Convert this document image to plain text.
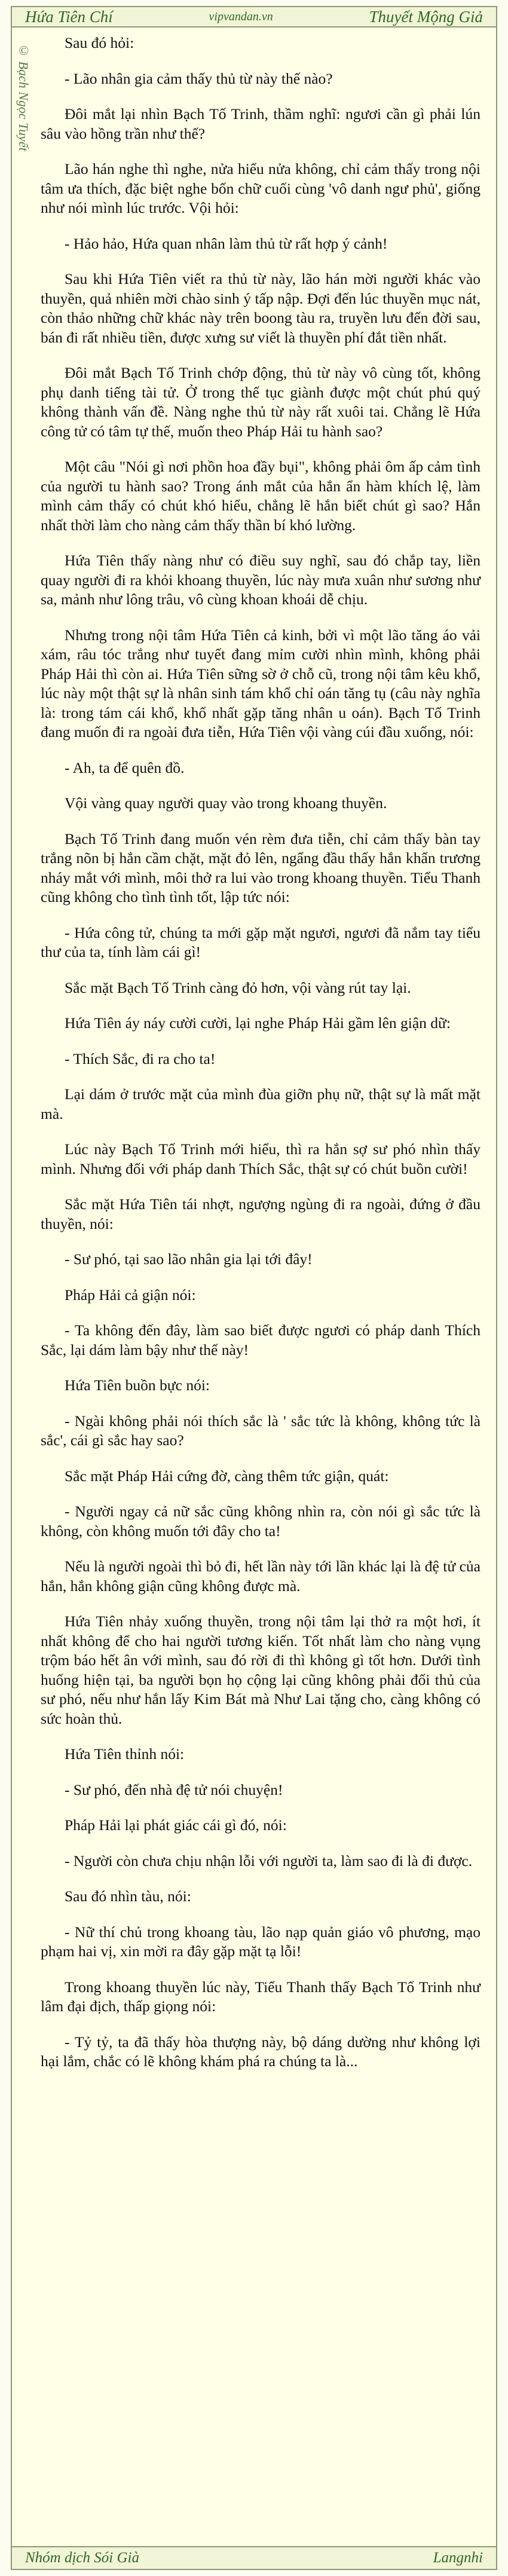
Hứa Tiên Chí	vipvandan.vn	Thuyết Mộng Giả
© Bạch Ngọc Tuyết

Sau đó hỏi:

- Lão nhân gia cảm thấy thủ từ này thế nào?

Đôi mắt lại nhìn Bạch Tố Trinh, thầm nghĩ: ngươi cần gì phải lún sâu vào hồng trần như thế?

Lão hán nghe thì nghe, nửa hiểu nửa không, chỉ cảm thấy trong nội tâm ưa thích, đặc biệt nghe bốn chữ cuối cùng 'vô danh ngư phủ', giống như nói mình lúc trước. Vội hỏi:

- Hảo hảo, Hứa quan nhân làm thủ từ rất hợp ý cảnh!

Sau khi Hứa Tiên viết ra thủ từ này, lão hán mời người khác vào thuyền, quả nhiên mời chào sinh ý tấp nập. Đợi đến lúc thuyền mục nát, còn thảo những chữ khác này trên boong tàu ra, truyền lưu đến đời sau, bán đi rất nhiều tiền, được xưng sư viết là thuyền phí đắt tiền nhất.

Đôi mắt Bạch Tố Trinh chớp động, thủ từ này vô cùng tốt, không phụ danh tiếng tài tử. Ở trong thế tục giành được một chút phú quý không thành vấn đề. Nàng nghe thủ từ này rất xuôi tai. Chẳng lẽ Hứa công tử có tâm tự thế, muốn theo Pháp Hải tu hành sao?

Một câu "Nói gì nơi phồn hoa đầy bụi", không phải ôm ấp cảm tình của người tu hành sao? Trong ánh mắt của hắn ẩn hàm khích lệ, làm mình cảm thấy có chút khó hiểu, chẳng lẽ hắn biết chút gì sao? Hắn nhất thời làm cho nàng cảm thấy thần bí khó lường.

Hứa Tiên thấy nàng như có điều suy nghĩ, sau đó chắp tay, liền quay người đi ra khỏi khoang thuyền, lúc này mưa xuân như sương như sa, mảnh như lông trâu, vô cùng khoan khoái dễ chịu.

Nhưng trong nội tâm Hứa Tiên cả kinh, bởi vì một lão tăng áo vải xám, râu tóc trắng như tuyết đang mỉm cười nhìn mình, không phải Pháp Hải thì còn ai. Hứa Tiên sững sờ ở chỗ cũ, trong nội tâm kêu khổ, lúc này một thật sự là nhân sinh tám khổ chỉ oán tăng tụ (câu này nghĩa là: trong tám cái khổ, khổ nhất gặp tăng nhân u oán). Bạch Tố Trinh đang muốn đi ra ngoài đưa tiễn, Hứa Tiên vội vàng cúi đầu xuống, nói:

- Ah, ta để quên đồ.

Vội vàng quay người quay vào trong khoang thuyền.

Bạch Tố Trinh đang muốn vén rèm đưa tiễn, chỉ cảm thấy bàn tay trắng nõn bị hắn cầm chặt, mặt đỏ lên, ngẩng đầu thấy hắn khẩn trương nháy mắt với mình, môi thở ra lui vào trong khoang thuyền. Tiểu Thanh cũng không cho tình tình tốt, lập tức nói:

- Hứa công tử, chúng ta mới gặp mặt ngươi, ngươi đã nắm tay tiểu thư của ta, tính làm cái gì!

Sắc mặt Bạch Tố Trinh càng đỏ hơn, vội vàng rút tay lại.

Hứa Tiên áy náy cười cười, lại nghe Pháp Hải gầm lên giận dữ:

- Thích Sắc, đi ra cho ta!

Lại dám ở trước mặt của mình đùa giỡn phụ nữ, thật sự là mất mặt mà.

Lúc này Bạch Tố Trinh mới hiểu, thì ra hắn sợ sư phó nhìn thấy mình. Nhưng đối với pháp danh Thích Sắc, thật sự có chút buồn cười!

Sắc mặt Hứa Tiên tái nhợt, ngượng ngùng đi ra ngoài, đứng ở đầu thuyền, nói:

- Sư phó, tại sao lão nhân gia lại tới đây!

Pháp Hải cả giận nói:

- Ta không đến đây, làm sao biết được ngươi có pháp danh Thích Sắc, lại dám làm bậy như thế này!

Hứa Tiên buồn bực nói:

- Ngài không phải nói thích sắc là ' sắc tức là không, không tức là sắc', cái gì sắc hay sao?

Sắc mặt Pháp Hải cứng đờ, càng thêm tức giận, quát:

- Người ngay cả nữ sắc cũng không nhìn ra, còn nói gì sắc tức là không, còn không muốn tới đây cho ta!

Nếu là người ngoài thì bỏ đi, hết lần này tới lần khác lại là đệ tử của hắn, hắn không giận cũng không được mà.

Hứa Tiên nhảy xuống thuyền, trong nội tâm lại thở ra một hơi, ít nhất không để cho hai người tương kiến. Tốt nhất làm cho nàng vụng trộm báo hết ân với mình, sau đó rời đi thì không gì tốt hơn. Dưới tình huống hiện tại, ba người bọn họ cộng lại cũng không phải đối thủ của sư phó, nếu như hắn lấy Kim Bát mà Như Lai tặng cho, càng không có sức hoàn thủ.

Hứa Tiên thỉnh nói:

- Sư phó, đến nhà đệ tử nói chuyện!

Pháp Hải lại phát giác cái gì đó, nói:

- Người còn chưa chịu nhận lỗi với người ta, làm sao đi là đi được.

Sau đó nhìn tàu, nói:

- Nữ thí chủ trong khoang tàu, lão nạp quản giáo vô phương, mạo phạm hai vị, xin mời ra đây gặp mặt tạ lỗi!

Trong khoang thuyền lúc này, Tiểu Thanh thấy Bạch Tố Trinh như lâm đại địch, thấp giọng nói:

- Tỷ tỷ, ta đã thấy hòa thượng này, bộ dáng dường như không lợi hại lắm, chắc có lẽ không khám phá ra chúng ta là...

Nhóm dịch Sói Già	Langnhi
